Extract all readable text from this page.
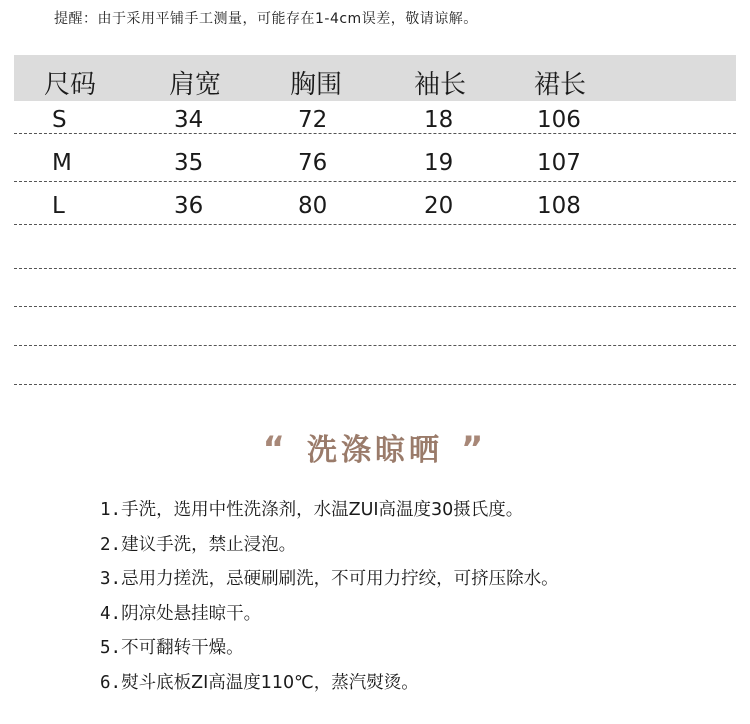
提醒：由于采用平铺手工测量，可能存在1-4cm误差，敬请谅解。
尺码	肩宽	胸围	袖长	裙长
S	34	72	18	106
M	35	76	19	107
L	36	80	20	108
“ 洗涤晾晒 ”
1.手洗，选用中性洗涤剂，水温ZUI高温度30摄氏度。
2.建议手洗，禁止浸泡。
3.忌用力搓洗，忌硬刷刷洗，不可用力拧绞，可挤压除水。
4.阴凉处悬挂晾干。
5.不可翻转干燥。
6.熨斗底板ZI高温度110℃，蒸汽熨烫。
